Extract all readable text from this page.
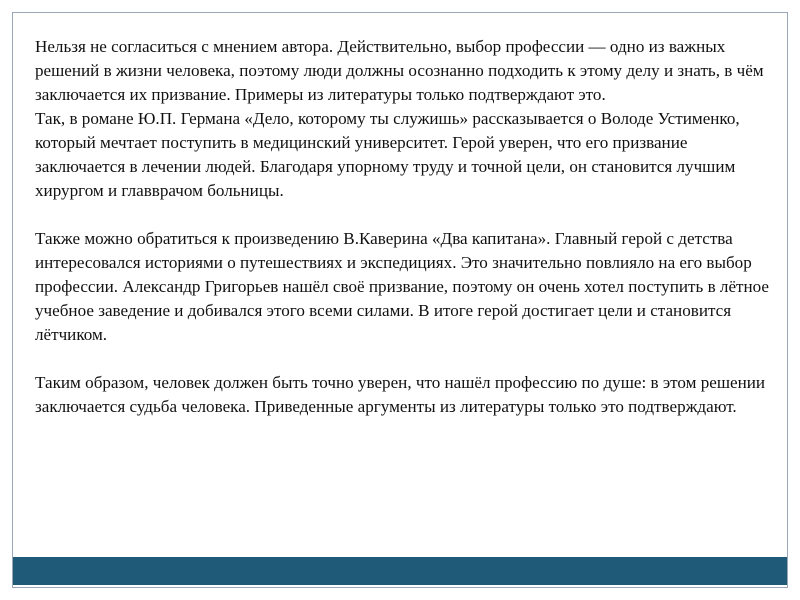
Нельзя не согласиться с мнением автора. Действительно, выбор профессии — одно из важных решений в жизни человека, поэтому люди должны осознанно подходить к этому делу и знать, в чём заключается их призвание. Примеры из литературы только подтверждают это.

Так, в романе Ю.П. Германа «Дело, которому ты служишь» рассказывается о Володе Устименко, который мечтает поступить в медицинский университет. Герой уверен, что его призвание заключается в лечении людей. Благодаря упорному труду и точной цели, он становится лучшим хирургом и главврачом больницы.

Также можно обратиться к произведению В.Каверина «Два капитана». Главный герой с детства интересовался историями о путешествиях и экспедициях. Это значительно повлияло на его выбор профессии. Александр Григорьев нашёл своё призвание, поэтому он очень хотел поступить в лётное учебное заведение и добивался этого всеми силами. В итоге герой достигает цели и становится лётчиком.

Таким образом, человек должен быть точно уверен, что нашёл профессию по душе: в этом решении заключается судьба человека. Приведенные аргументы из литературы только это подтверждают.
